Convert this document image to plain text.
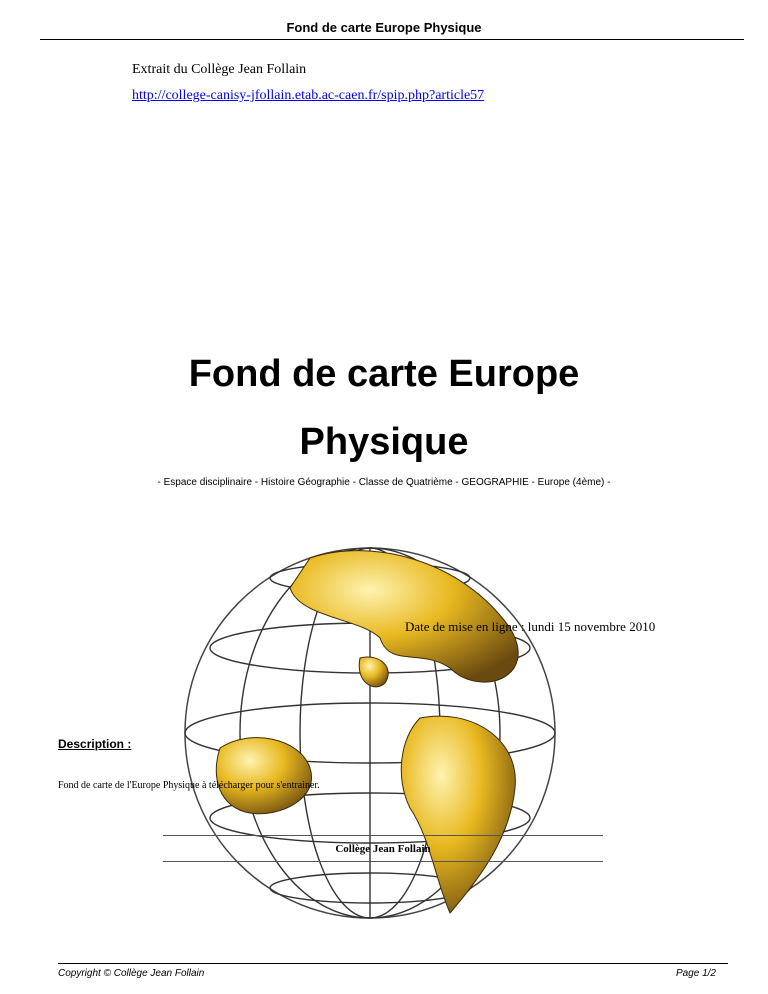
Fond de carte Europe Physique
Extrait du Collège Jean Follain
http://college-canisy-jfollain.etab.ac-caen.fr/spip.php?article57
Fond de carte Europe
Physique
- Espace disciplinaire - Histoire Géographie - Classe de Quatrième - GEOGRAPHIE - Europe (4ème) -
Date de mise en ligne : lundi 15 novembre 2010
Description :
Fond de carte de l'Europe Physique à télécharger pour s'entrainer.
Collège Jean Follain
Copyright © Collège Jean Follain	Page 1/2
